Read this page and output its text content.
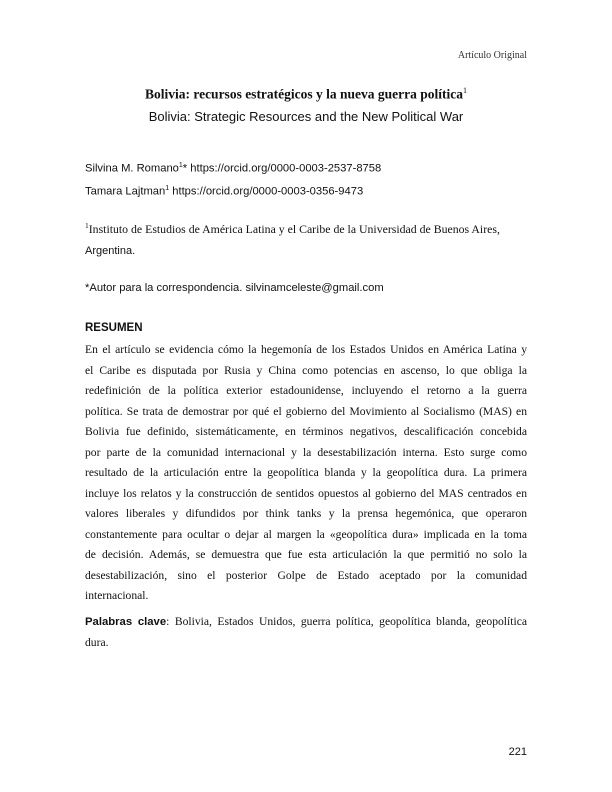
Artículo Original
Bolivia: recursos estratégicos y la nueva guerra política$^1$
Bolivia: Strategic Resources and the New Political War
Silvina M. Romano$^1$* https://orcid.org/0000-0003-2537-8758
Tamara Lajtman$^1$ https://orcid.org/0000-0003-0356-9473
$^1$Instituto de Estudios de América Latina y el Caribe de la Universidad de Buenos Aires,
Argentina.
*Autor para la correspondencia. silvinamceleste@gmail.com
RESUMEN
En el artículo se evidencia cómo la hegemonía de los Estados Unidos en América Latina y
el Caribe es disputada por Rusia y China como potencias en ascenso, lo que obliga la
redefinición de la política exterior estadounidense, incluyendo el retorno a la guerra
política. Se trata de demostrar por qué el gobierno del Movimiento al Socialismo (MAS) en
Bolivia fue definido, sistemáticamente, en términos negativos, descalificación concebida
por parte de la comunidad internacional y la desestabilización interna. Esto surge como
resultado de la articulación entre la geopolítica blanda y la geopolítica dura. La primera
incluye los relatos y la construcción de sentidos opuestos al gobierno del MAS centrados en
valores liberales y difundidos por think tanks y la prensa hegemónica, que operaron
constantemente para ocultar o dejar al margen la «geopolítica dura» implicada en la toma
de decisión. Además, se demuestra que fue esta articulación la que permitió no solo la
desestabilización, sino el posterior Golpe de Estado aceptado por la comunidad
internacional.
Palabras clave: Bolivia, Estados Unidos, guerra política, geopolítica blanda, geopolítica dura.
221
